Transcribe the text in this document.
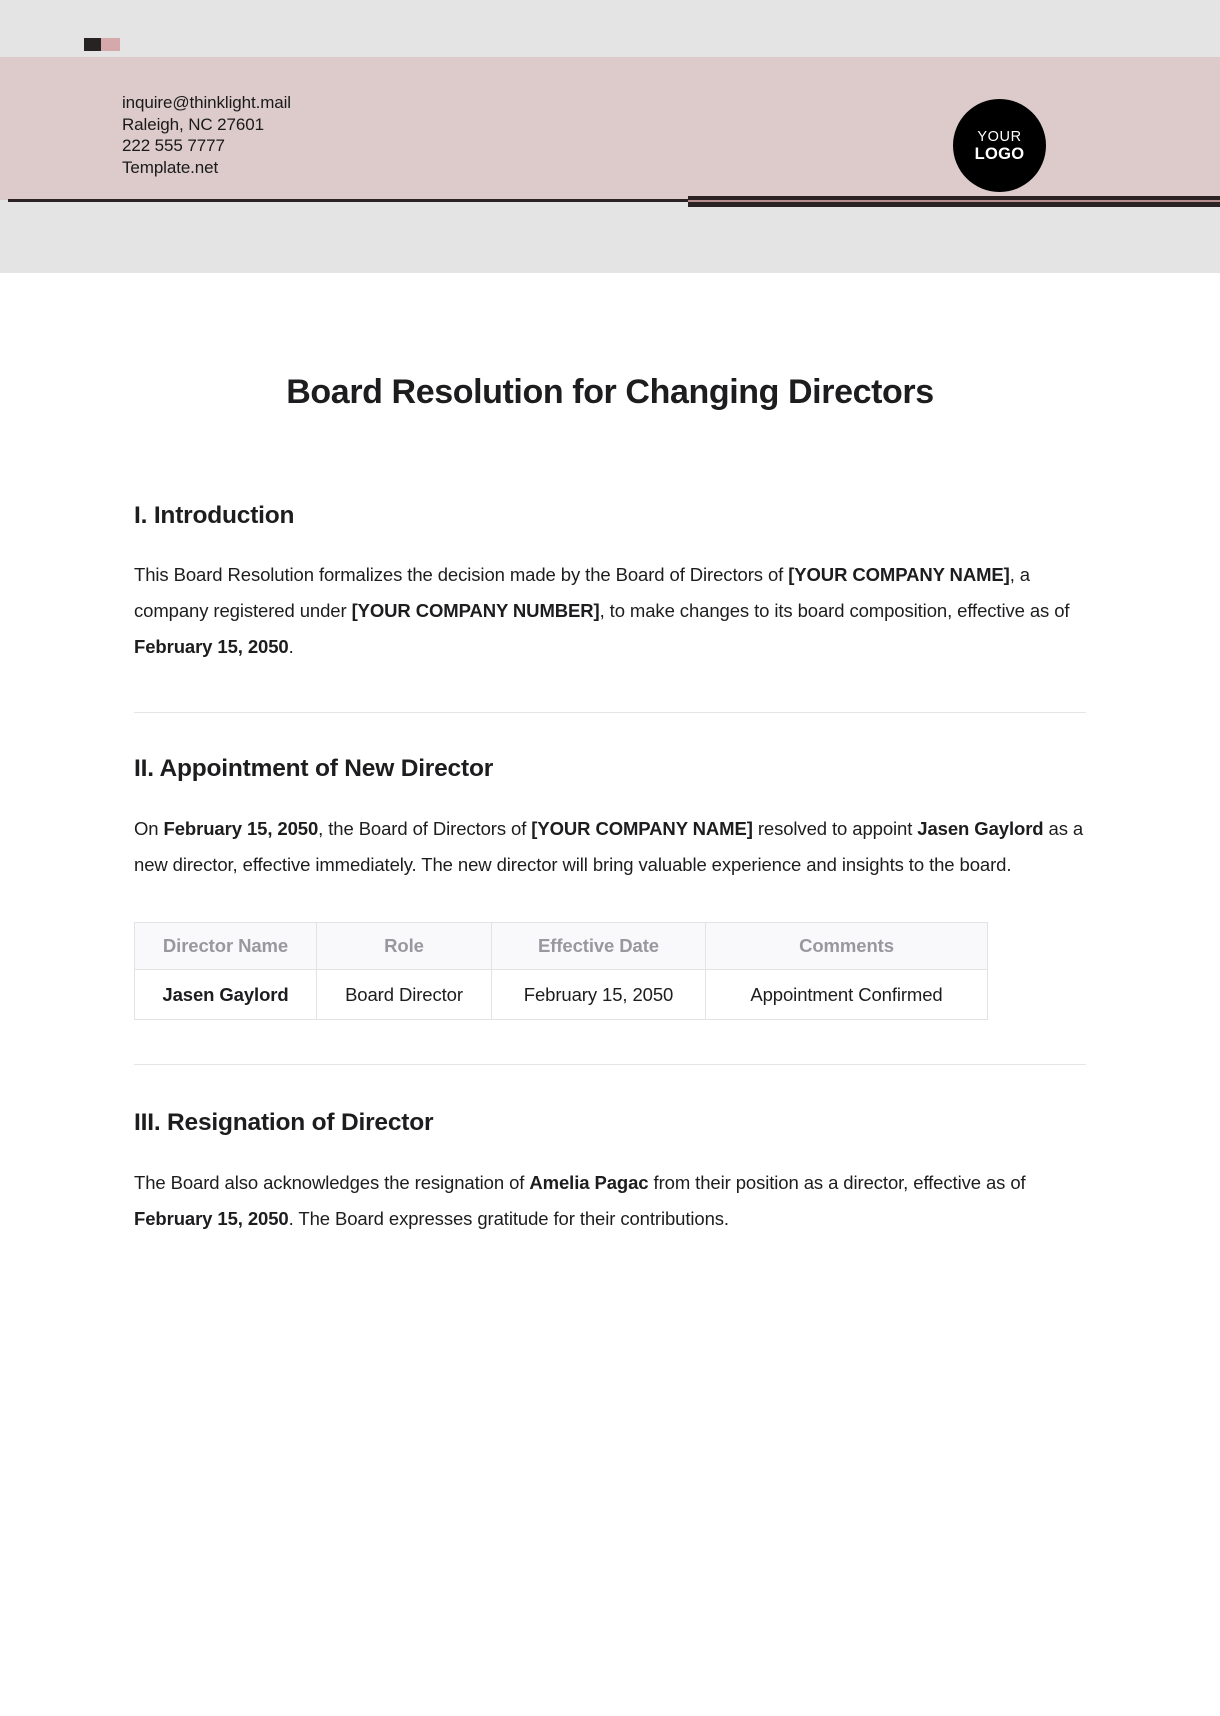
inquire@thinklight.mail
Raleigh, NC 27601
222 555 7777
Template.net
YOUR
LOGO
Board Resolution for Changing Directors
I. Introduction

This Board Resolution formalizes the decision made by the Board of Directors of [YOUR COMPANY NAME], a company registered under [YOUR COMPANY NUMBER], to make changes to its board composition, effective as of February 15, 2050.

II. Appointment of New Director

On February 15, 2050, the Board of Directors of [YOUR COMPANY NAME] resolved to appoint Jasen Gaylord as a new director, effective immediately. The new director will bring valuable experience and insights to the board.

Director Name	Role	Effective Date	Comments
Jasen Gaylord	Board Director	February 15, 2050	Appointment Confirmed
III. Resignation of Director

The Board also acknowledges the resignation of Amelia Pagac from their position as a director, effective as of February 15, 2050. The Board expresses gratitude for their contributions.
